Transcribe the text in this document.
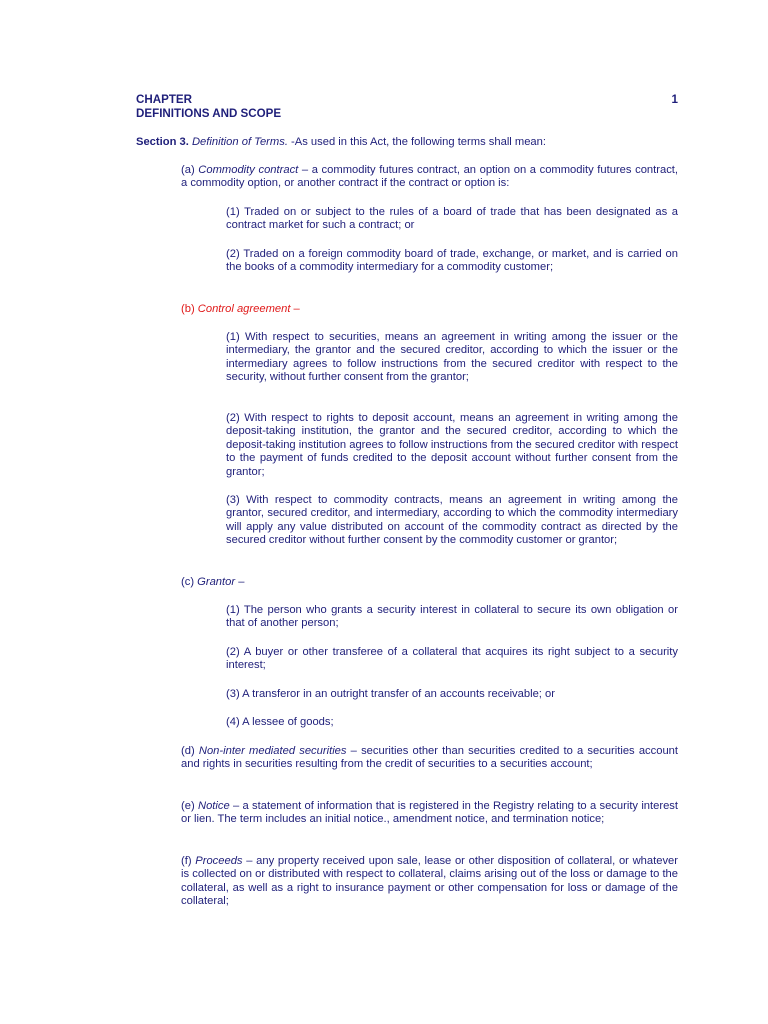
CHAPTER	1
DEFINITIONS AND SCOPE
Section 3. Definition of Terms. -As used in this Act, the following terms shall mean:
(a) Commodity contract – a commodity futures contract, an option on a commodity futures contract, a commodity option, or another contract if the contract or option is:
(1) Traded on or subject to the rules of a board of trade that has been designated as a contract market for such a contract; or
(2) Traded on a foreign commodity board of trade, exchange, or market, and is carried on the books of a commodity intermediary for a commodity customer;
(b) Control agreement –
(1) With respect to securities, means an agreement in writing among the issuer or the intermediary, the grantor and the secured creditor, according to which the issuer or the intermediary agrees to follow instructions from the secured creditor with respect to the security, without further consent from the grantor;
(2) With respect to rights to deposit account, means an agreement in writing among the deposit-taking institution, the grantor and the secured creditor, according to which the deposit-taking institution agrees to follow instructions from the secured creditor with respect to the payment of funds credited to the deposit account without further consent from the grantor;
(3) With respect to commodity contracts, means an agreement in writing among the grantor, secured creditor, and intermediary, according to which the commodity intermediary will apply any value distributed on account of the commodity contract as directed by the secured creditor without further consent by the commodity customer or grantor;
(c) Grantor –
(1) The person who grants a security interest in collateral to secure its own obligation or that of another person;
(2) A buyer or other transferee of a collateral that acquires its right subject to a security interest;
(3) A transferor in an outright transfer of an accounts receivable; or
(4) A lessee of goods;
(d) Non-inter mediated securities – securities other than securities credited to a securities account and rights in securities resulting from the credit of securities to a securities account;
(e) Notice – a statement of information that is registered in the Registry relating to a security interest or lien. The term includes an initial notice., amendment notice, and termination notice;
(f) Proceeds – any property received upon sale, lease or other disposition of collateral, or whatever is collected on or distributed with respect to collateral, claims arising out of the loss or damage to the collateral, as well as a right to insurance payment or other compensation for loss or damage of the collateral;
